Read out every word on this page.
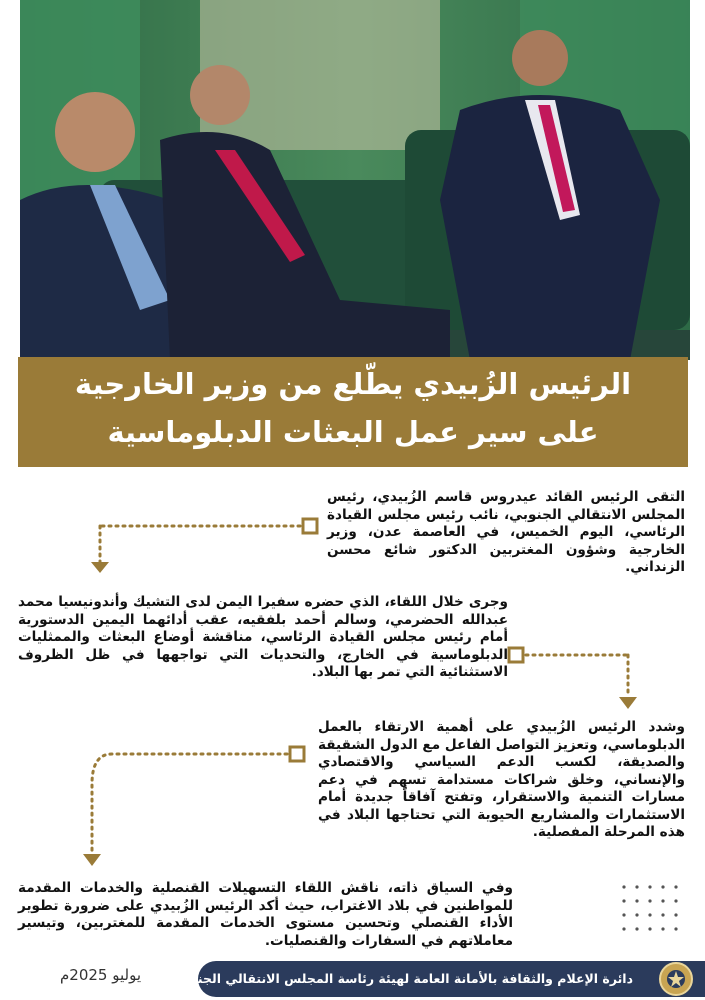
الرئيس الزُبيدي يطّلع من وزير الخارجية
على سير عمل البعثات الدبلوماسية

التقى الرئيس القائد عيدروس قاسم الزُبيدي، رئيس المجلس الانتقالي الجنوبي، نائب رئيس مجلس القيادة الرئاسي، اليوم الخميس، في العاصمة عدن، وزير الخارجية وشؤون المغتربين الدكتور شائع محسن الزنداني.

وجرى خلال اللقاء، الذي حضره سفيرا اليمن لدى التشيك وأندونيسيا محمد عبدالله الحضرمي، وسالم أحمد بلفقيه، عقب أدائهما اليمين الدستورية أمام رئيس مجلس القيادة الرئاسي، مناقشة أوضاع البعثات والممثليات الدبلوماسية في الخارج، والتحديات التي تواجهها في ظل الظروف الاستثنائية التي تمر بها البلاد.

وشدد الرئيس الزُبيدي على أهمية الارتقاء بالعمل الدبلوماسي، وتعزيز التواصل الفاعل مع الدول الشقيقة والصديقة، لكسب الدعم السياسي والاقتصادي والإنساني، وخلق شراكات مستدامة تسهم في دعم مسارات التنمية والاستقرار، وتفتح آفاقاً جديدة أمام الاستثمارات والمشاريع الحيوية التي تحتاجها البلاد في هذه المرحلة المفصلية.

وفي السياق ذاته، ناقش اللقاء التسهيلات القنصلية والخدمات المقدمة للمواطنين في بلاد الاغتراب، حيث أكد الرئيس الزُبيدي على ضرورة تطوير الأداء القنصلي وتحسين مستوى الخدمات المقدمة للمغتربين، وتيسير معاملاتهم في السفارات والقنصليات.

يوليو 2025م	دائرة الإعلام والثقافة بالأمانة العامة لهيئة رئاسة المجلس الانتقالي الجنوبي
